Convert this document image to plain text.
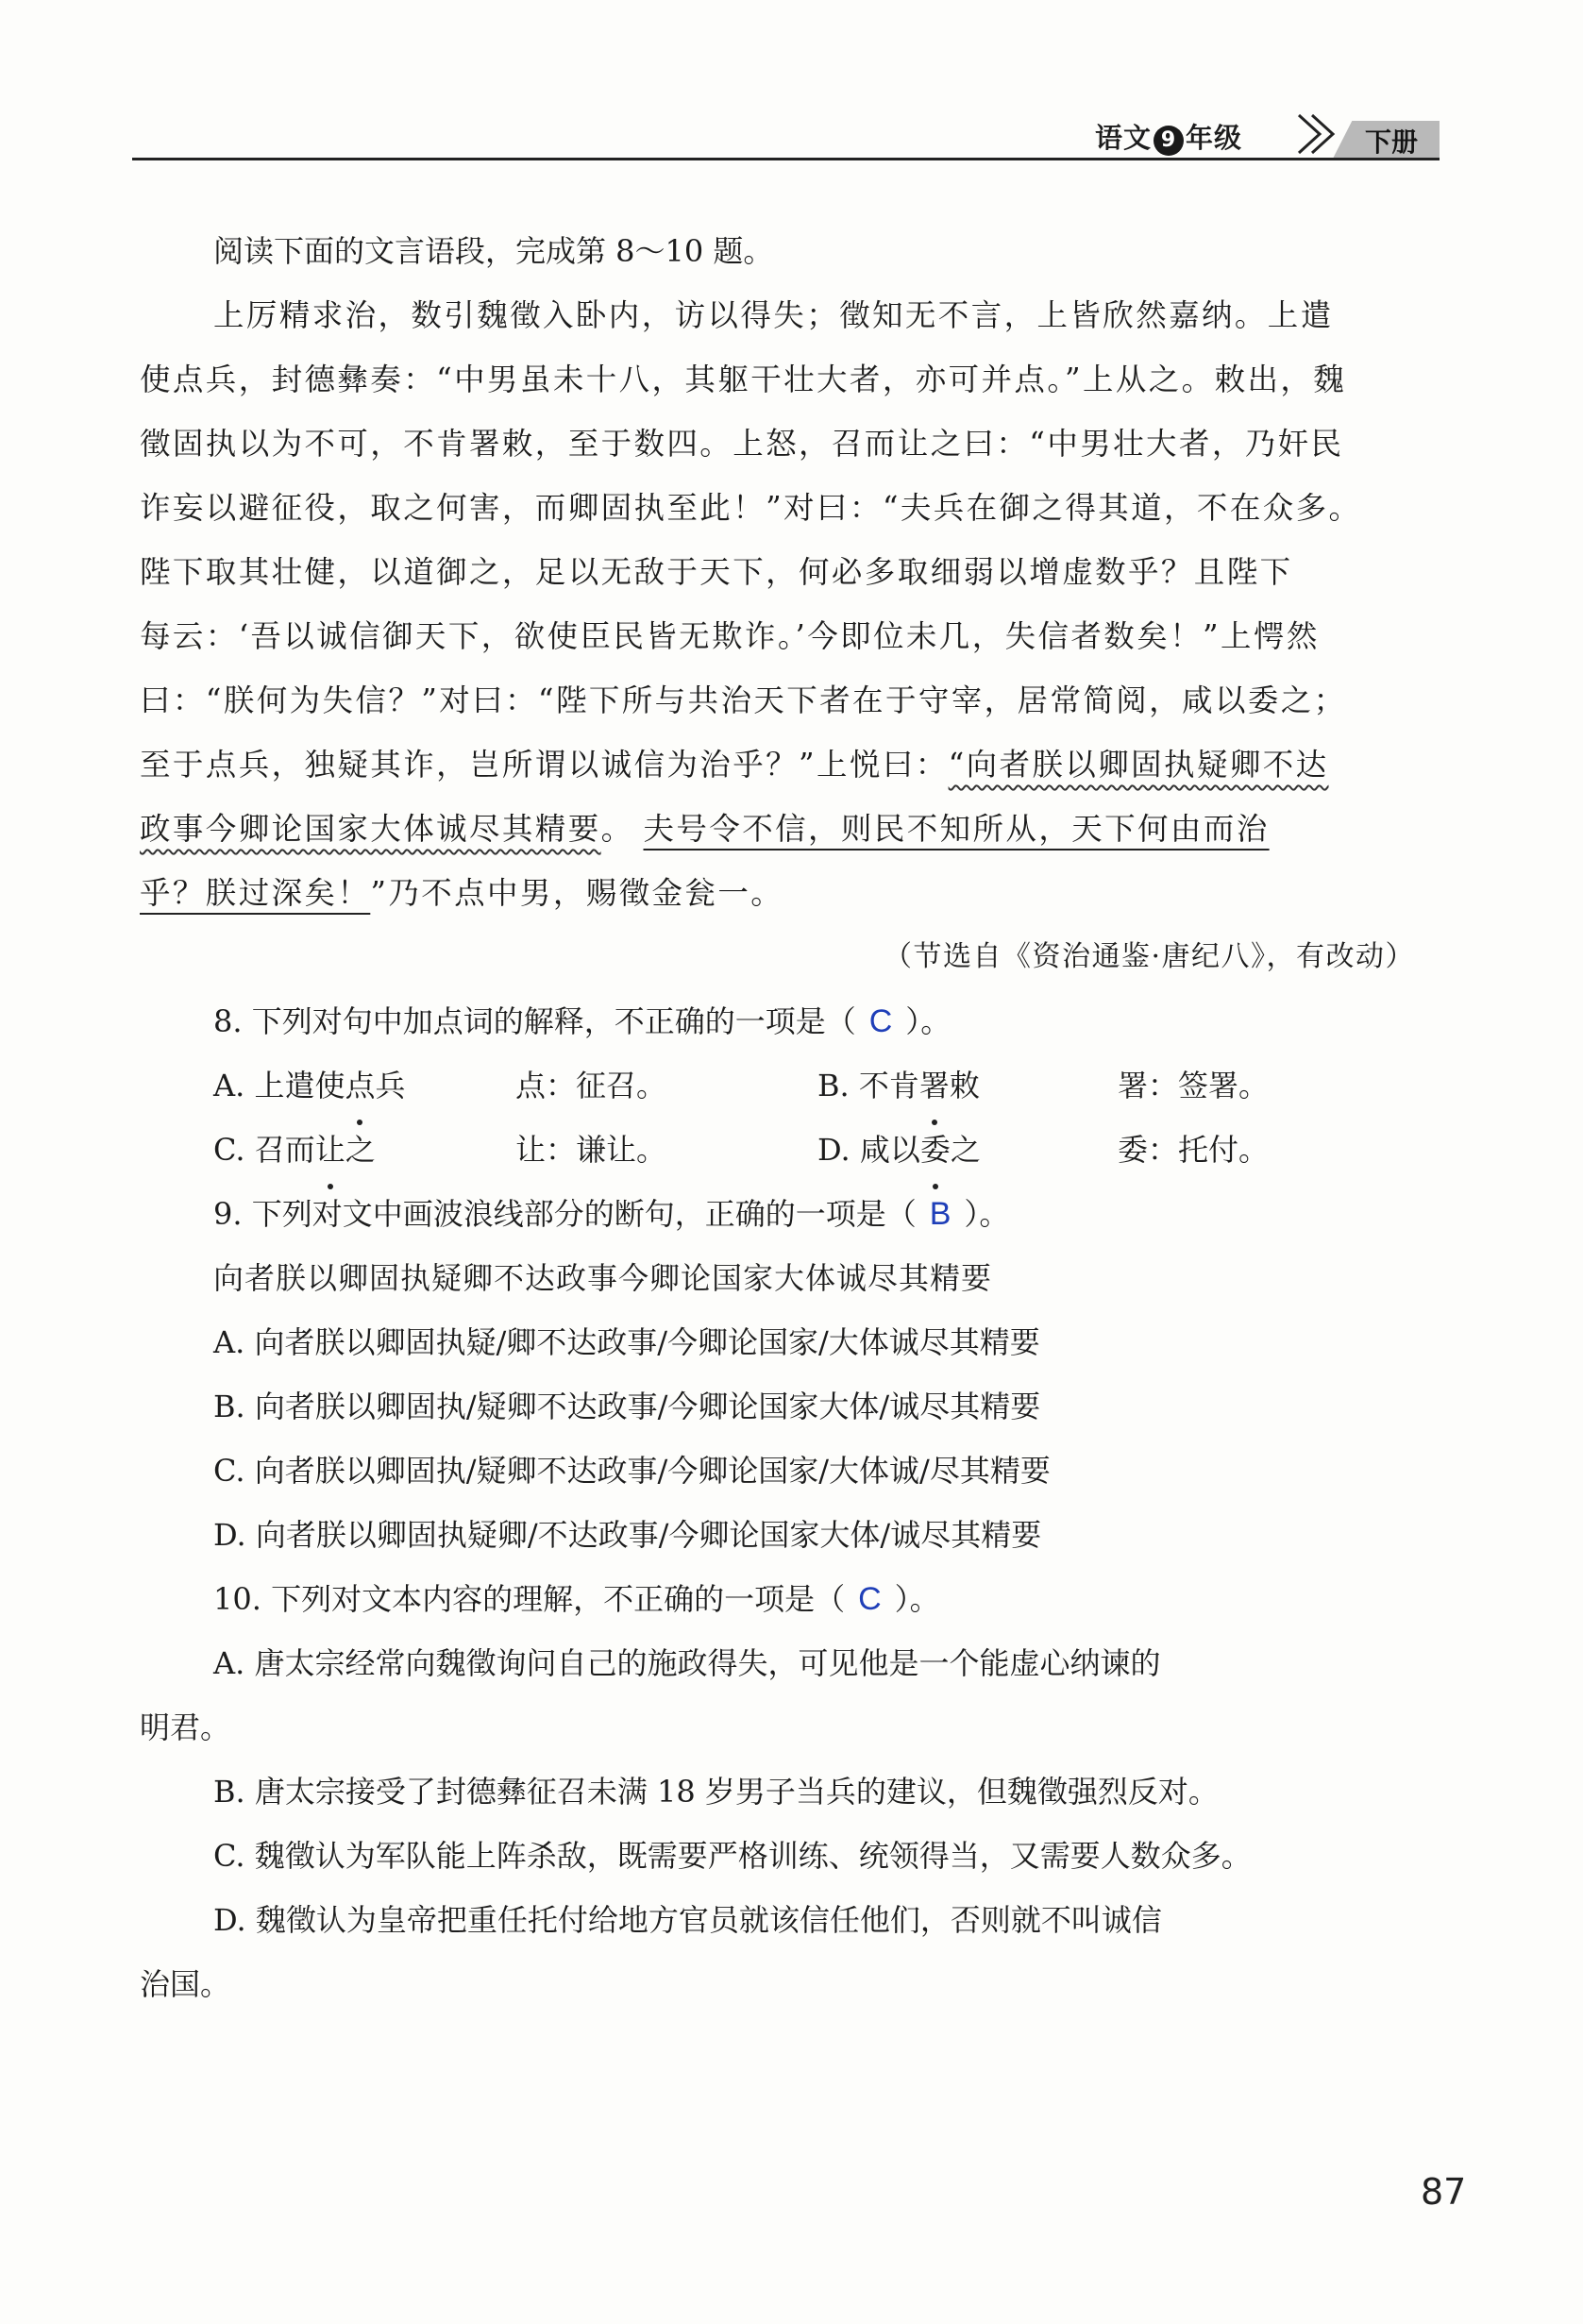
语文 9 年级	下册
阅读下面的文言语段，完成第 8～10 题。
上厉精求治，数引魏徵入卧内，访以得失；徵知无不言，上皆欣然嘉纳。上遣
使点兵，封德彝奏：“中男虽未十八，其躯干壮大者，亦可并点。”上从之。敕出，魏
徵固执以为不可，不肯署敕，至于数四。上怒，召而让之曰：“中男壮大者，乃奸民
诈妄以避征役，取之何害，而卿固执至此！”对曰：“夫兵在御之得其道，不在众多。
陛下取其壮健，以道御之，足以无敌于天下，何必多取细弱以增虚数乎？且陛下
每云：‘吾以诚信御天下，欲使臣民皆无欺诈。’今即位未几，失信者数矣！”上愕然
曰：“朕何为失信？”对曰：“陛下所与共治天下者在于守宰，居常简阅，咸以委之；
至于点兵，独疑其诈，岂所谓以诚信为治乎？”上悦曰：“向者朕以卿固执疑卿不达
政事今卿论国家大体诚尽其精要。 夫号令不信，则民不知所从，天下何由而治
乎？朕过深矣！”乃不点中男，赐徵金瓮一。
（节选自《资治通鉴·唐纪八》，有改动）
8. 下列对句中加点词的解释，不正确的一项是（ C ）。
A. 上遣使点兵	点：征召。	B. 不肯署敕	署：签署。
C. 召而让之	让：谦让。	D. 咸以委之	委：托付。
9. 下列对文中画波浪线部分的断句，正确的一项是（ B ）。
向者朕以卿固执疑卿不达政事今卿论国家大体诚尽其精要
A. 向者朕以卿固执疑/卿不达政事/今卿论国家/大体诚尽其精要
B. 向者朕以卿固执/疑卿不达政事/今卿论国家大体/诚尽其精要
C. 向者朕以卿固执/疑卿不达政事/今卿论国家/大体诚/尽其精要
D. 向者朕以卿固执疑卿/不达政事/今卿论国家大体/诚尽其精要
10. 下列对文本内容的理解，不正确的一项是（ C ）。
A. 唐太宗经常向魏徵询问自己的施政得失，可见他是一个能虚心纳谏的
明君。
B. 唐太宗接受了封德彝征召未满 18 岁男子当兵的建议，但魏徵强烈反对。
C. 魏徵认为军队能上阵杀敌，既需要严格训练、统领得当，又需要人数众多。
D. 魏徵认为皇帝把重任托付给地方官员就该信任他们，否则就不叫诚信
治国。
87
